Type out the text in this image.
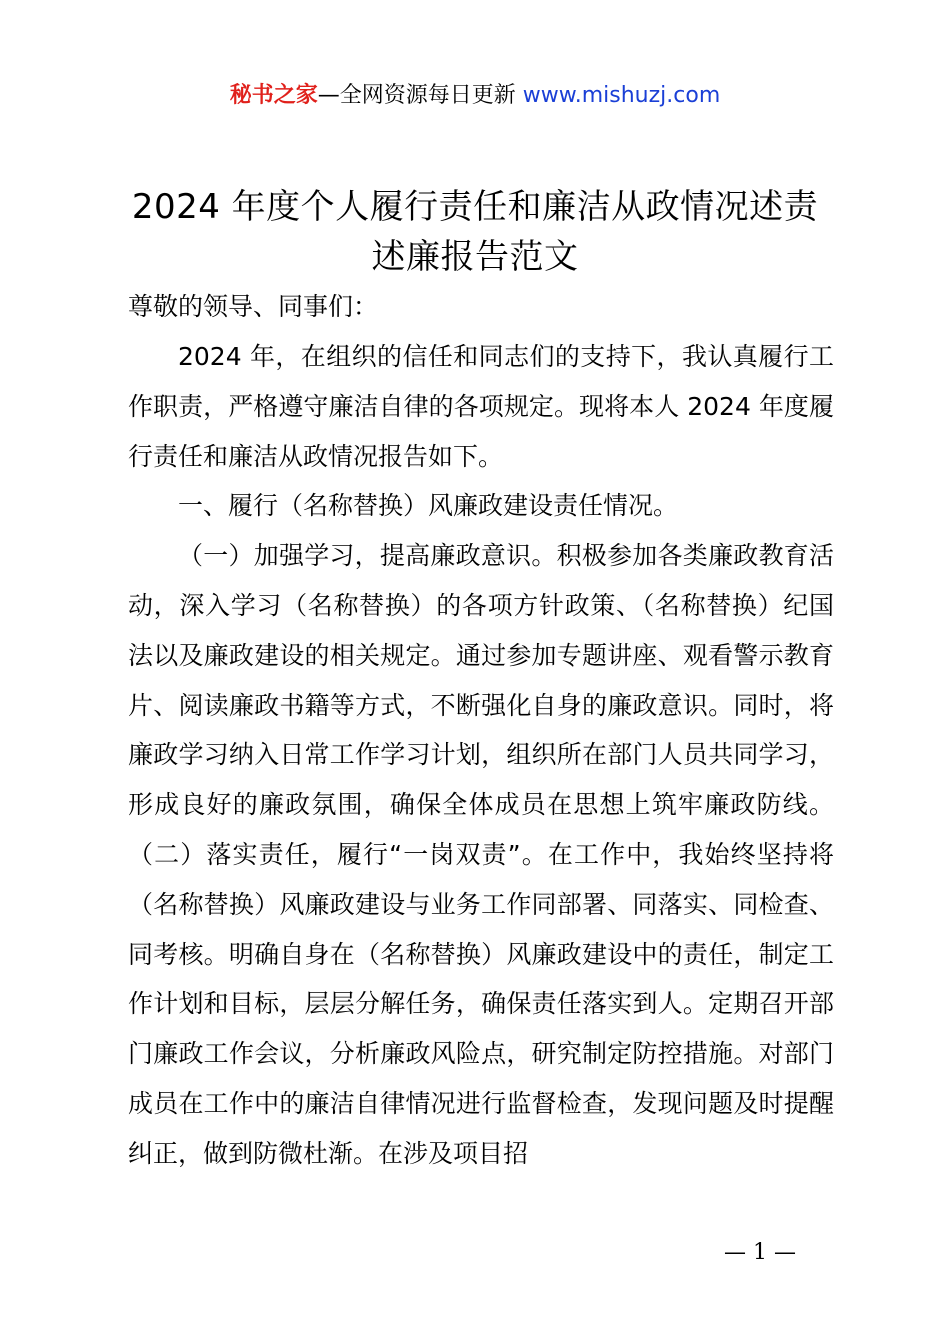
秘书之家—全网资源每日更新 www.mishuzj.com
2024 年度个人履行责任和廉洁从政情况述责述廉报告范文
尊敬的领导、同事们：

2024 年，在组织的信任和同志们的支持下，我认真履行工作职责，严格遵守廉洁自律的各项规定。现将本人 2024 年度履行责任和廉洁从政情况报告如下。

一、履行（名称替换）风廉政建设责任情况。

（一）加强学习，提高廉政意识。积极参加各类廉政教育活动，深入学习（名称替换）的各项方针政策、（名称替换）纪国法以及廉政建设的相关规定。通过参加专题讲座、观看警示教育片、阅读廉政书籍等方式，不断强化自身的廉政意识。同时，将廉政学习纳入日常工作学习计划，组织所在部门人员共同学习，形成良好的廉政氛围，确保全体成员在思想上筑牢廉政防线。（二）落实责任，履行“一岗双责”。在工作中，我始终坚持将（名称替换）风廉政建设与业务工作同部署、同落实、同检查、同考核。明确自身在（名称替换）风廉政建设中的责任，制定工作计划和目标，层层分解任务，确保责任落实到人。定期召开部门廉政工作会议，分析廉政风险点，研究制定防控措施。对部门成员在工作中的廉洁自律情况进行监督检查，发现问题及时提醒纠正，做到防微杜渐。在涉及项目招

— 1 —
